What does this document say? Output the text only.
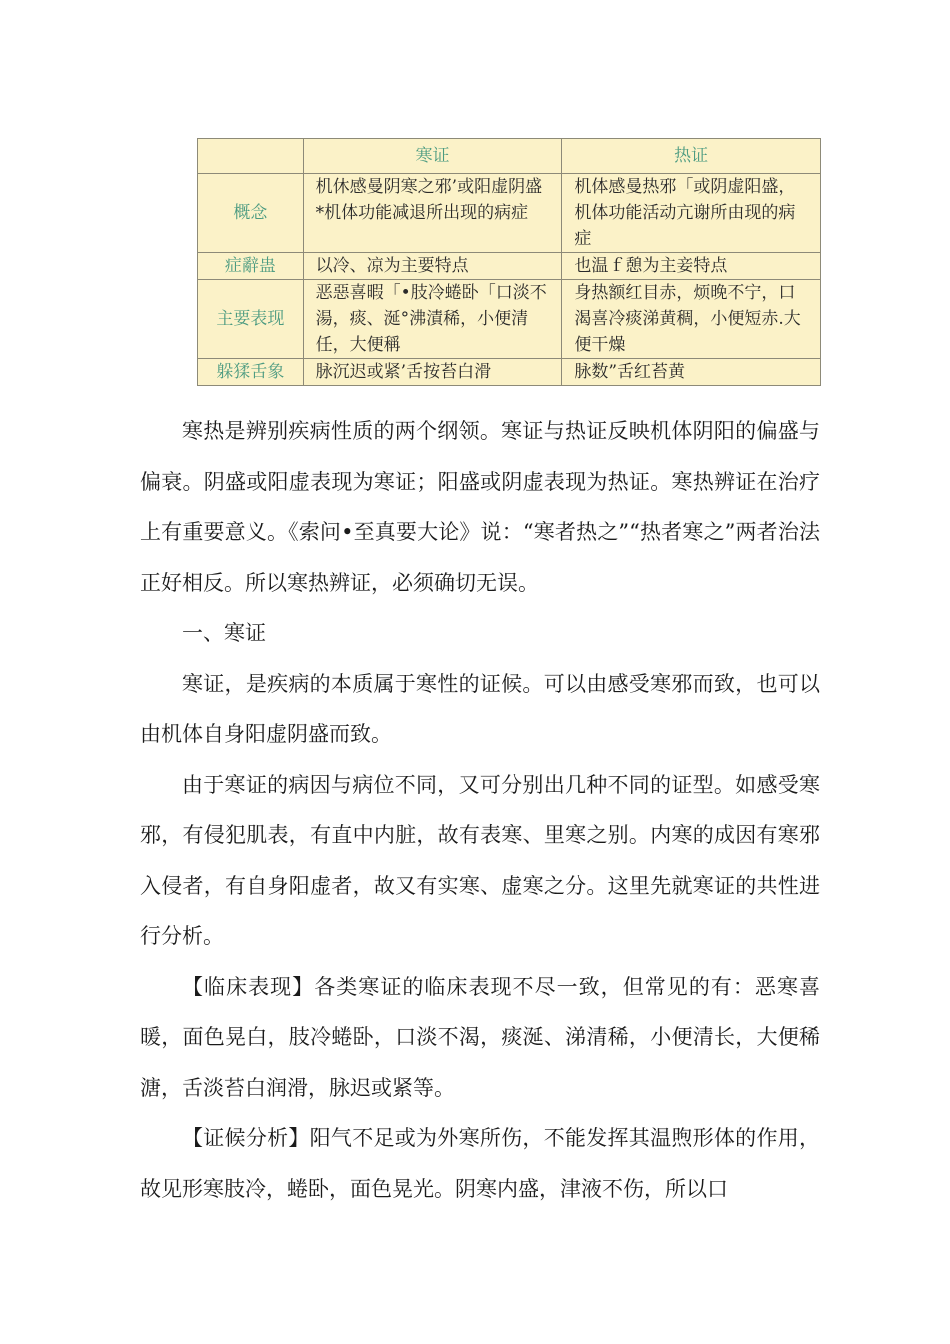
	寒证	热证
概念	机休感曼阴寒之邪’或阳虚阴盛*机体功能减退所出现的病症	机体感曼热邪「或阴虚阳盛，机体功能活动亢谢所由现的病症
症辭蛊	以冷、凉为主要特点	也温ｆ憩为主妾特点
主要表现	恶惡喜暇「•肢冷蜷卧「口淡不湯，痰、涎°沸漬稀，小便清任，大便稱	身热额红目赤，烦晚不宁，口渴喜冷痰涕黄稠，小便短赤.大便干燥
躲猱舌象	脉沉迟或紧’舌按苔白滑	脉数”舌红苔黄

寒热是辨别疾病性质的两个纲领。寒证与热证反映机体阴阳的偏盛与偏衰。阴盛或阳虚表现为寒证；阳盛或阴虚表现为热证。寒热辨证在治疗上有重要意义。《索问•至真要大论》说：“寒者热之”“热者寒之”两者治法正好相反。所以寒热辨证，必须确切无误。

一、寒证

寒证，是疾病的本质属于寒性的证候。可以由感受寒邪而致，也可以由机体自身阳虚阴盛而致。

由于寒证的病因与病位不同，又可分别出几种不同的证型。如感受寒邪，有侵犯肌表，有直中内脏，故有表寒、里寒之别。内寒的成因有寒邪入侵者，有自身阳虚者，故又有实寒、虚寒之分。这里先就寒证的共性进行分析。

【临床表现】各类寒证的临床表现不尽一致，但常见的有：恶寒喜暖，面色晃白，肢冷蜷卧，口淡不渴，痰涎、涕清稀，小便清长，大便稀溏，舌淡苔白润滑，脉迟或紧等。

【证候分析】阳气不足或为外寒所伤，不能发挥其温煦形体的作用，故见形寒肢冷，蜷卧，面色晃光。阴寒内盛，津液不伤，所以口
